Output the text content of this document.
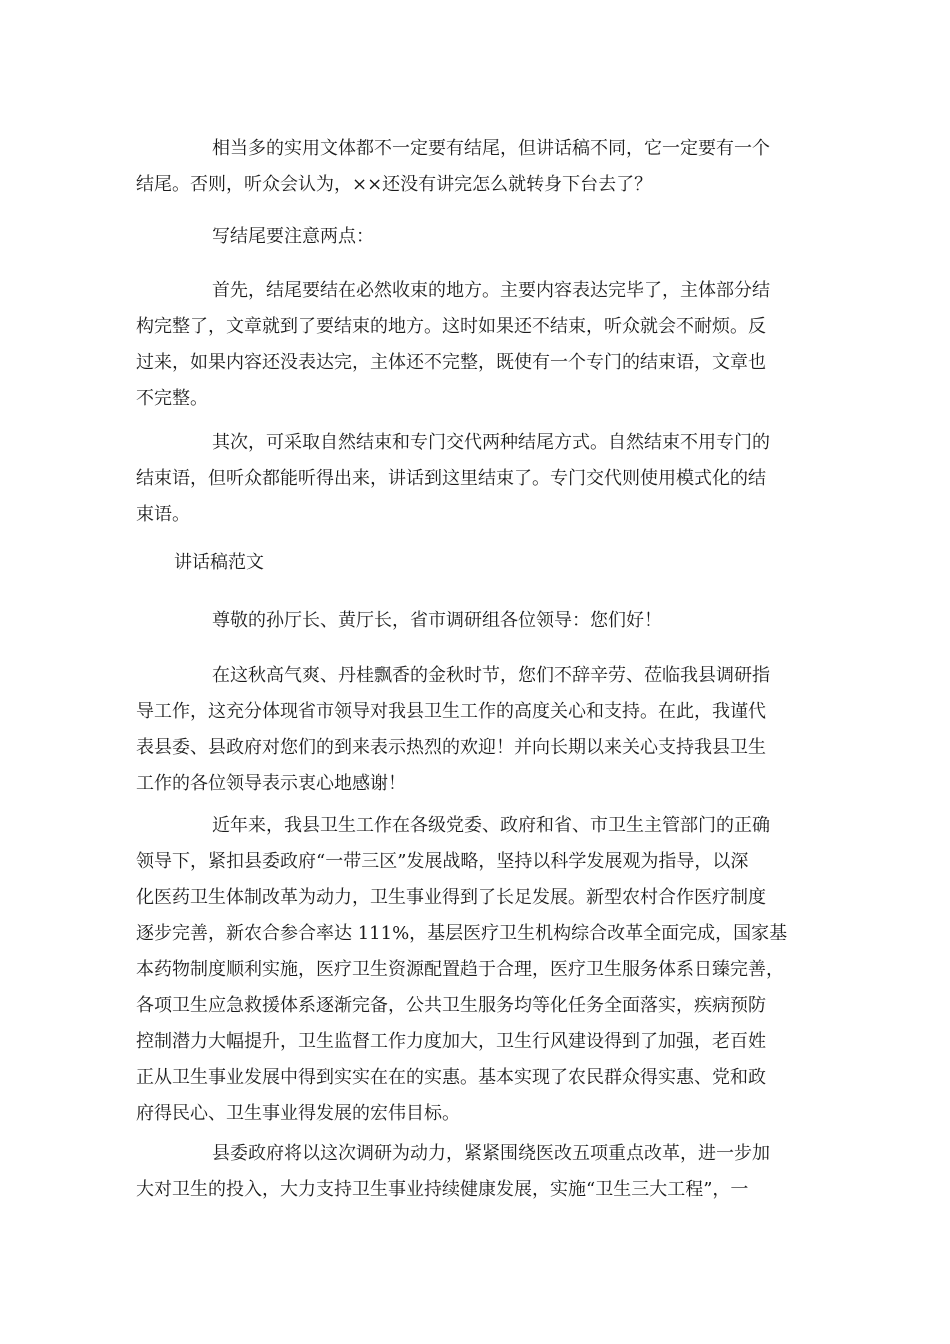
相当多的实用文体都不一定要有结尾，但讲话稿不同，它一定要有一个
结尾。否则，听众会认为，××还没有讲完怎么就转身下台去了？
写结尾要注意两点：
首先，结尾要结在必然收束的地方。主要内容表达完毕了，主体部分结
构完整了，文章就到了要结束的地方。这时如果还不结束，听众就会不耐烦。反
过来，如果内容还没表达完，主体还不完整，既使有一个专门的结束语，文章也
不完整。
其次，可采取自然结束和专门交代两种结尾方式。自然结束不用专门的
结束语，但听众都能听得出来，讲话到这里结束了。专门交代则使用模式化的结
束语。
讲话稿范文
尊敬的孙厅长、黄厅长，省市调研组各位领导：您们好！
在这秋高气爽、丹桂飘香的金秋时节，您们不辞辛劳、莅临我县调研指
导工作，这充分体现省市领导对我县卫生工作的高度关心和支持。在此，我谨代
表县委、县政府对您们的到来表示热烈的欢迎！并向长期以来关心支持我县卫生
工作的各位领导表示衷心地感谢！
近年来，我县卫生工作在各级党委、政府和省、市卫生主管部门的正确
领导下，紧扣县委政府“一带三区”发展战略，坚持以科学发展观为指导，以深
化医药卫生体制改革为动力，卫生事业得到了长足发展。新型农村合作医疗制度
逐步完善，新农合参合率达 111%，基层医疗卫生机构综合改革全面完成，国家基
本药物制度顺利实施，医疗卫生资源配置趋于合理，医疗卫生服务体系日臻完善，
各项卫生应急救援体系逐渐完备，公共卫生服务均等化任务全面落实，疾病预防
控制潜力大幅提升，卫生监督工作力度加大，卫生行风建设得到了加强，老百姓
正从卫生事业发展中得到实实在在的实惠。基本实现了农民群众得实惠、党和政
府得民心、卫生事业得发展的宏伟目标。
县委政府将以这次调研为动力，紧紧围绕医改五项重点改革，进一步加
大对卫生的投入，大力支持卫生事业持续健康发展，实施“卫生三大工程”，一
